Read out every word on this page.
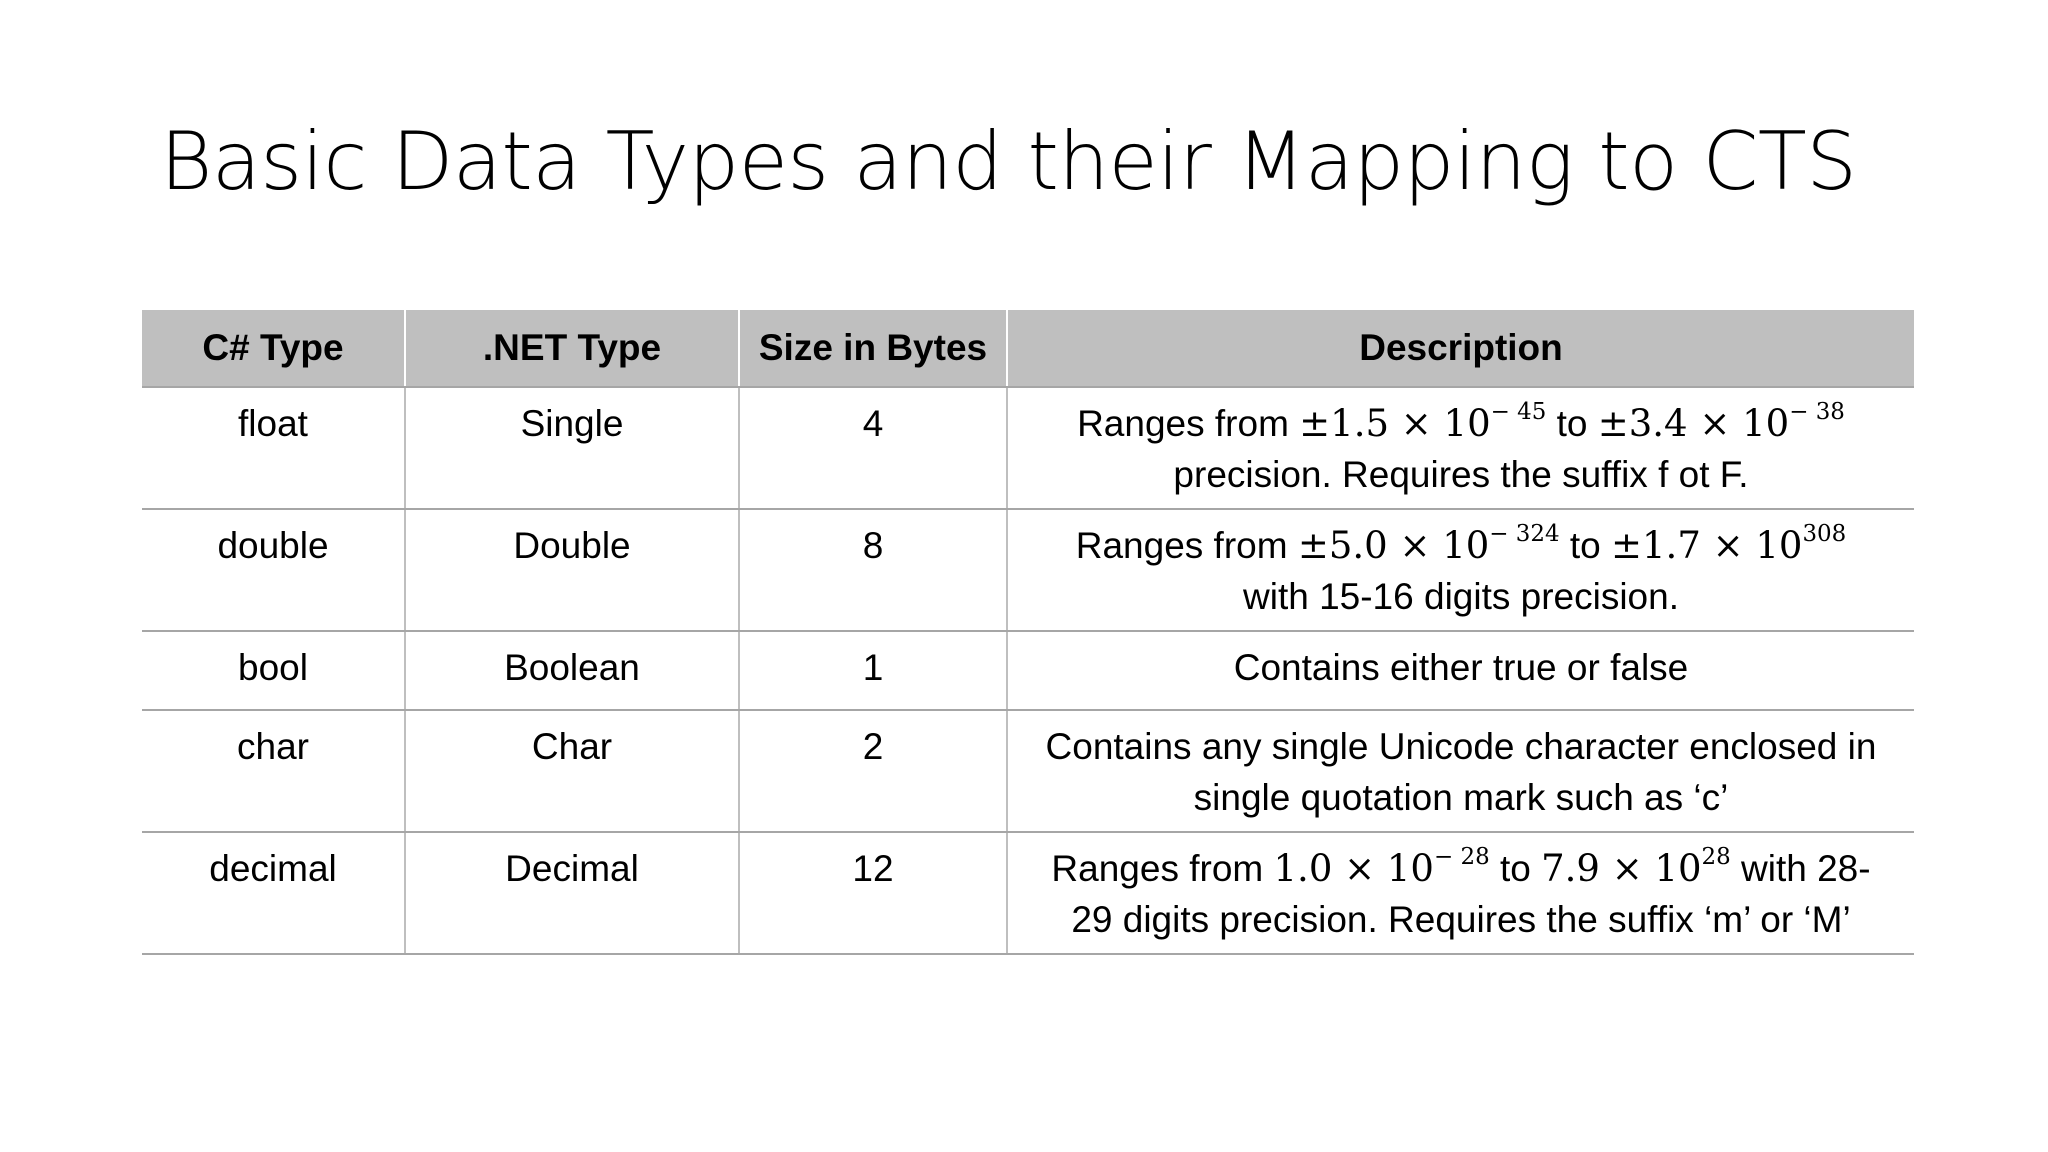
Basic Data Types and their Mapping to CTS
C# Type	.NET Type	Size in Bytes	Description
float	Single	4	Ranges from $\pm 1.5 \times 10^{- 45}$ to $\pm 3.4 \times 10^{- 38}$
precision. Requires the suffix f ot F.
double	Double	8	Ranges from $\pm 5.0 \times 10^{- 324}$ to $\pm 1.7 \times 10^{308}$
with 15-16 digits precision.
bool	Boolean	1	Contains either true or false
char	Char	2	Contains any single Unicode character enclosed in
single quotation mark such as ‘c’
decimal	Decimal	12	Ranges from $1.0 \times 10^{- 28}$ to $7.9 \times 10^{28}$ with 28-
29 digits precision. Requires the suffix ‘m’ or ‘M’
